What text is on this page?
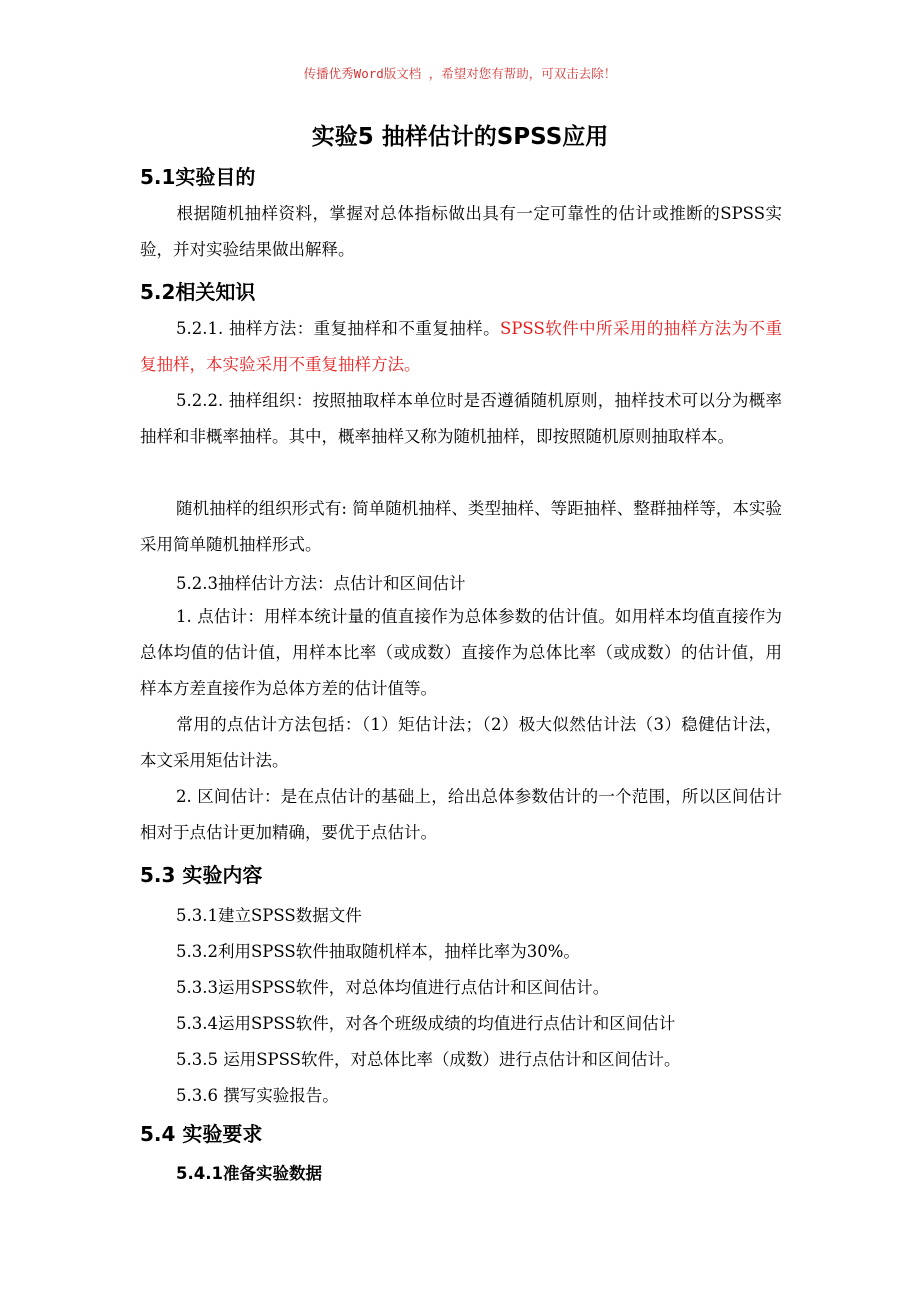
传播优秀Word版文档 ，希望对您有帮助，可双击去除！
实验5 抽样估计的SPSS应用
5.1实验目的
根据随机抽样资料，掌握对总体指标做出具有一定可靠性的估计或推断的SPSS实验，并对实验结果做出解释。
5.2相关知识
5.2.1. 抽样方法：重复抽样和不重复抽样。SPSS软件中所采用的抽样方法为不重复抽样，本实验采用不重复抽样方法。
5.2.2. 抽样组织：按照抽取样本单位时是否遵循随机原则，抽样技术可以分为概率抽样和非概率抽样。其中，概率抽样又称为随机抽样，即按照随机原则抽取样本。
随机抽样的组织形式有: 简单随机抽样、类型抽样、等距抽样、整群抽样等，本实验采用简单随机抽样形式。
5.2.3抽样估计方法：点估计和区间估计
1. 点估计：用样本统计量的值直接作为总体参数的估计值。如用样本均值直接作为总体均值的估计值，用样本比率（或成数）直接作为总体比率（或成数）的估计值，用样本方差直接作为总体方差的估计值等。
常用的点估计方法包括：（1）矩估计法；（2）极大似然估计法（3）稳健估计法，本文采用矩估计法。
2. 区间估计：是在点估计的基础上，给出总体参数估计的一个范围，所以区间估计相对于点估计更加精确，要优于点估计。
5.3 实验内容
5.3.1建立SPSS数据文件
5.3.2利用SPSS软件抽取随机样本，抽样比率为30%。
5.3.3运用SPSS软件，对总体均值进行点估计和区间估计。
5.3.4运用SPSS软件，对各个班级成绩的均值进行点估计和区间估计
5.3.5 运用SPSS软件，对总体比率（成数）进行点估计和区间估计。
5.3.6 撰写实验报告。
5.4 实验要求
5.4.1准备实验数据
